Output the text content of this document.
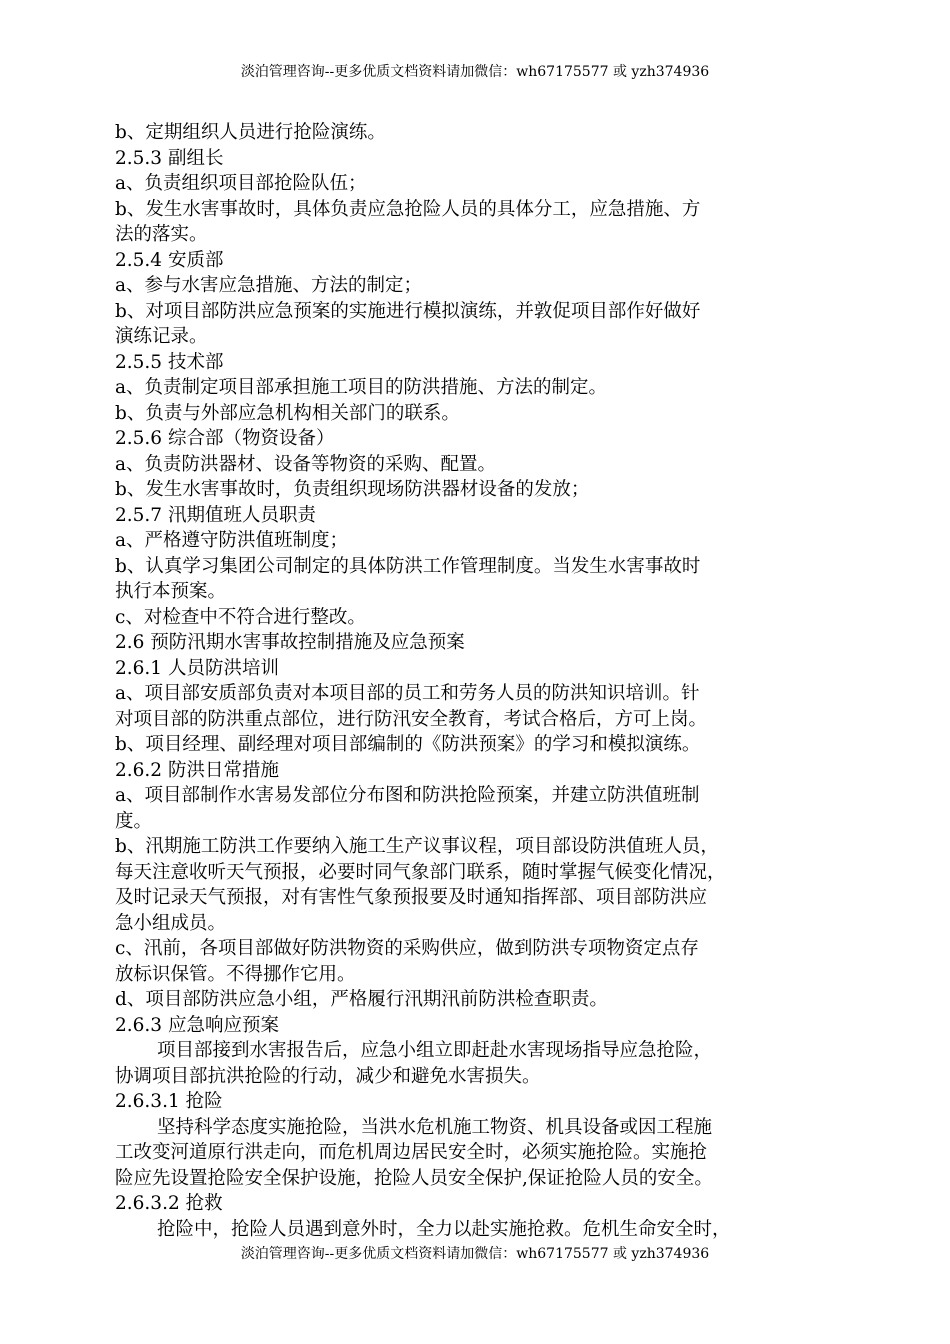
淡泊管理咨询--更多优质文档资料请加微信：wh67175577 或 yzh374936
b、定期组织人员进行抢险演练。
2.5.3 副组长
a、负责组织项目部抢险队伍；
b、发生水害事故时，具体负责应急抢险人员的具体分工，应急措施、方
法的落实。
2.5.4 安质部
a、参与水害应急措施、方法的制定；
b、对项目部防洪应急预案的实施进行模拟演练，并敦促项目部作好做好
演练记录。
2.5.5 技术部
a、负责制定项目部承担施工项目的防洪措施、方法的制定。
b、负责与外部应急机构相关部门的联系。
2.5.6 综合部（物资设备）
a、负责防洪器材、设备等物资的采购、配置。
b、发生水害事故时，负责组织现场防洪器材设备的发放；
2.5.7 汛期值班人员职责
a、严格遵守防洪值班制度；
b、认真学习集团公司制定的具体防洪工作管理制度。当发生水害事故时
执行本预案。
c、对检查中不符合进行整改。
2.6 预防汛期水害事故控制措施及应急预案
2.6.1 人员防洪培训
a、项目部安质部负责对本项目部的员工和劳务人员的防洪知识培训。针
对项目部的防洪重点部位，进行防汛安全教育，考试合格后，方可上岗。
b、项目经理、副经理对项目部编制的《防洪预案》的学习和模拟演练。
2.6.2 防洪日常措施
a、项目部制作水害易发部位分布图和防洪抢险预案，并建立防洪值班制
度。
b、汛期施工防洪工作要纳入施工生产议事议程，项目部设防洪值班人员，
每天注意收听天气预报，必要时同气象部门联系，随时掌握气候变化情况，
及时记录天气预报，对有害性气象预报要及时通知指挥部、项目部防洪应
急小组成员。
c、汛前，各项目部做好防洪物资的采购供应，做到防洪专项物资定点存
放标识保管。不得挪作它用。
d、项目部防洪应急小组，严格履行汛期汛前防洪检查职责。
2.6.3 应急响应预案
项目部接到水害报告后，应急小组立即赶赴水害现场指导应急抢险，
协调项目部抗洪抢险的行动，减少和避免水害损失。
2.6.3.1 抢险
坚持科学态度实施抢险，当洪水危机施工物资、机具设备或因工程施
工改变河道原行洪走向，而危机周边居民安全时，必须实施抢险。实施抢
险应先设置抢险安全保护设施，抢险人员安全保护,保证抢险人员的安全。
2.6.3.2 抢救
抢险中，抢险人员遇到意外时，全力以赴实施抢救。危机生命安全时，
淡泊管理咨询--更多优质文档资料请加微信：wh67175577 或 yzh374936
